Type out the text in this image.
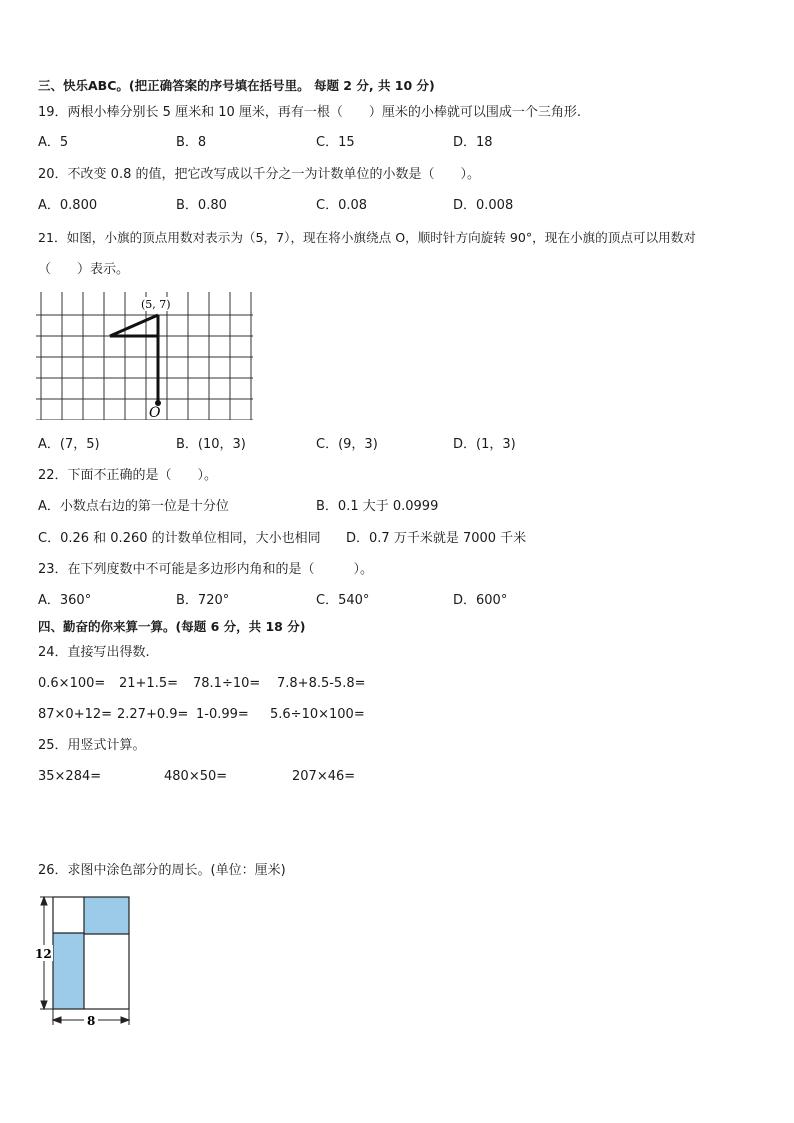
三、快乐ABC。(把正确答案的序号填在括号里。 每题 2 分, 共 10 分)
19．两根小棒分别长 5 厘米和 10 厘米，再有一根（　　）厘米的小棒就可以围成一个三角形.
A．5	B．8	C．15	D．18
20．不改变 0.8 的值，把它改写成以千分之一为计数单位的小数是（　　）。
A．0.800	B．0.80	C．0.08	D．0.008
21．如图，小旗的顶点用数对表示为（5，7），现在将小旗绕点 O，顺时针方向旋转 90°，现在小旗的顶点可以用数对
（　　）表示。
(5, 7)
O
A．(7，5)	B．(10，3)	C．(9，3)	D．(1，3)
22．下面不正确的是（　　）。
A．小数点右边的第一位是十分位	B．0.1 大于 0.0999
C．0.26 和 0.260 的计数单位相同，大小也相同 D．0.7 万千米就是 7000 千米
23．在下列度数中不可能是多边形内角和的是（　　　）。
A．360°	B．720°	C．540°	D．600°
四、勤奋的你来算一算。(每题 6 分，共 18 分)
24．直接写出得数.
0.6×100= 21+1.5= 78.1÷10= 7.8+8.5-5.8=
87×0+12= 2.27+0.9= 1-0.99= 5.6÷10×100=
25．用竖式计算。
35×284=	480×50=	207×46=
26．求图中涂色部分的周长。(单位：厘米)
12
8
